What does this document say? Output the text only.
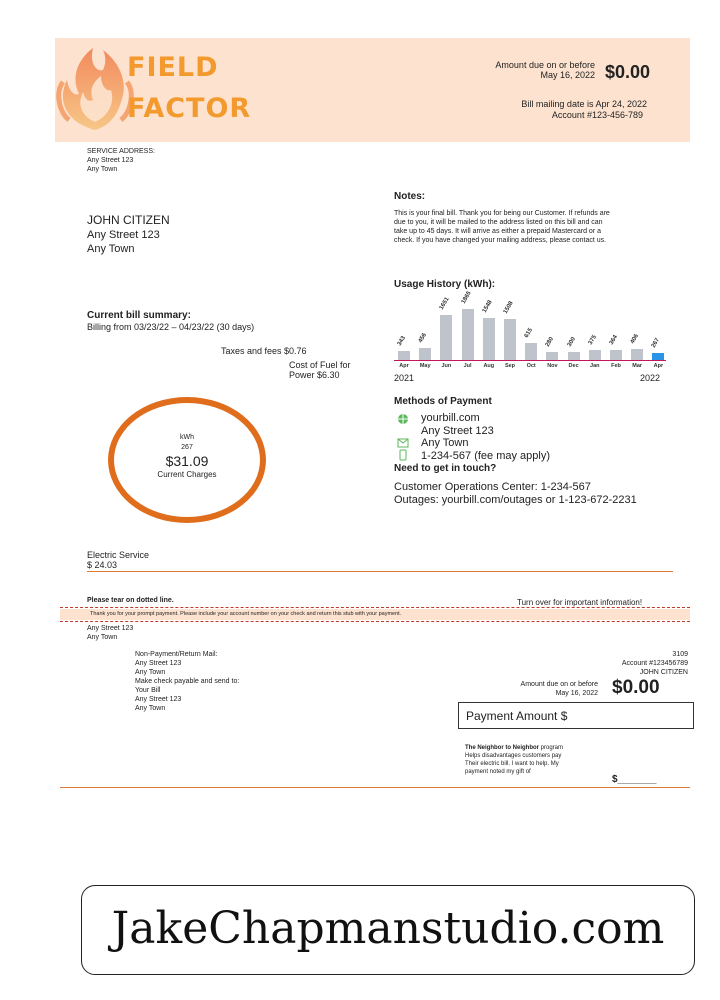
FIELD
FACTOR
Amount due on or before
May 16, 2022 $0.00
Bill mailing date is Apr 24, 2022
Account #123-456-789
SERVICE ADDRESS:
Any Street 123
Any Town
JOHN CITIZEN
Any Street 123
Any Town
Current bill summary:
Billing from 03/23/22 – 04/23/22 (30 days)
Taxes and fees $0.76
Cost of Fuel for
Power $6.30
kWh
267
$31.09
Current Charges
Electric Service
$ 24.03
Notes:
This is your final bill. Thank you for being our Customer. If refunds are
due to you, it will be mailed to the address listed on this bill and can
take up to 45 days. It will arrive as either a prepaid Mastercard or a
check. If you have changed your mailing address, please contact us.
Usage History (kWh):
343
Apr
456
May
1651
Jun
1865
Jul
1548
Aug
1508
Sep
615
Oct
280
Nov
300
Dec
375
Jan
364
Feb
406
Mar
267
Apr
2021	2022
Methods of Payment
yourbill.com
Any Street 123
Any Town
1-234-567 (fee may apply)
Need to get in touch?
Customer Operations Center: 1-234-567
Outages: yourbill.com/outages or 1-123-672-2231
Please tear on dotted line.	Turn over for important information!
Thank you for your prompt payment. Please include your account number on your check and return this stub with your payment.
Any Street 123
Any Town
Non-Payment/Return Mail:
Any Street 123
Any Town
Make check payable and send to:
Your Bill
Any Street 123
Any Town
3109
Account #123456789
JOHN CITIZEN
Amount due on or before
May 16, 2022 $0.00
Payment Amount $
The Neighbor to Neighbor program
Helps disadvantages customers pay
Their electric bill. I want to help. My
payment noted my gift of
$_______
JakeChapmanstudio.com
